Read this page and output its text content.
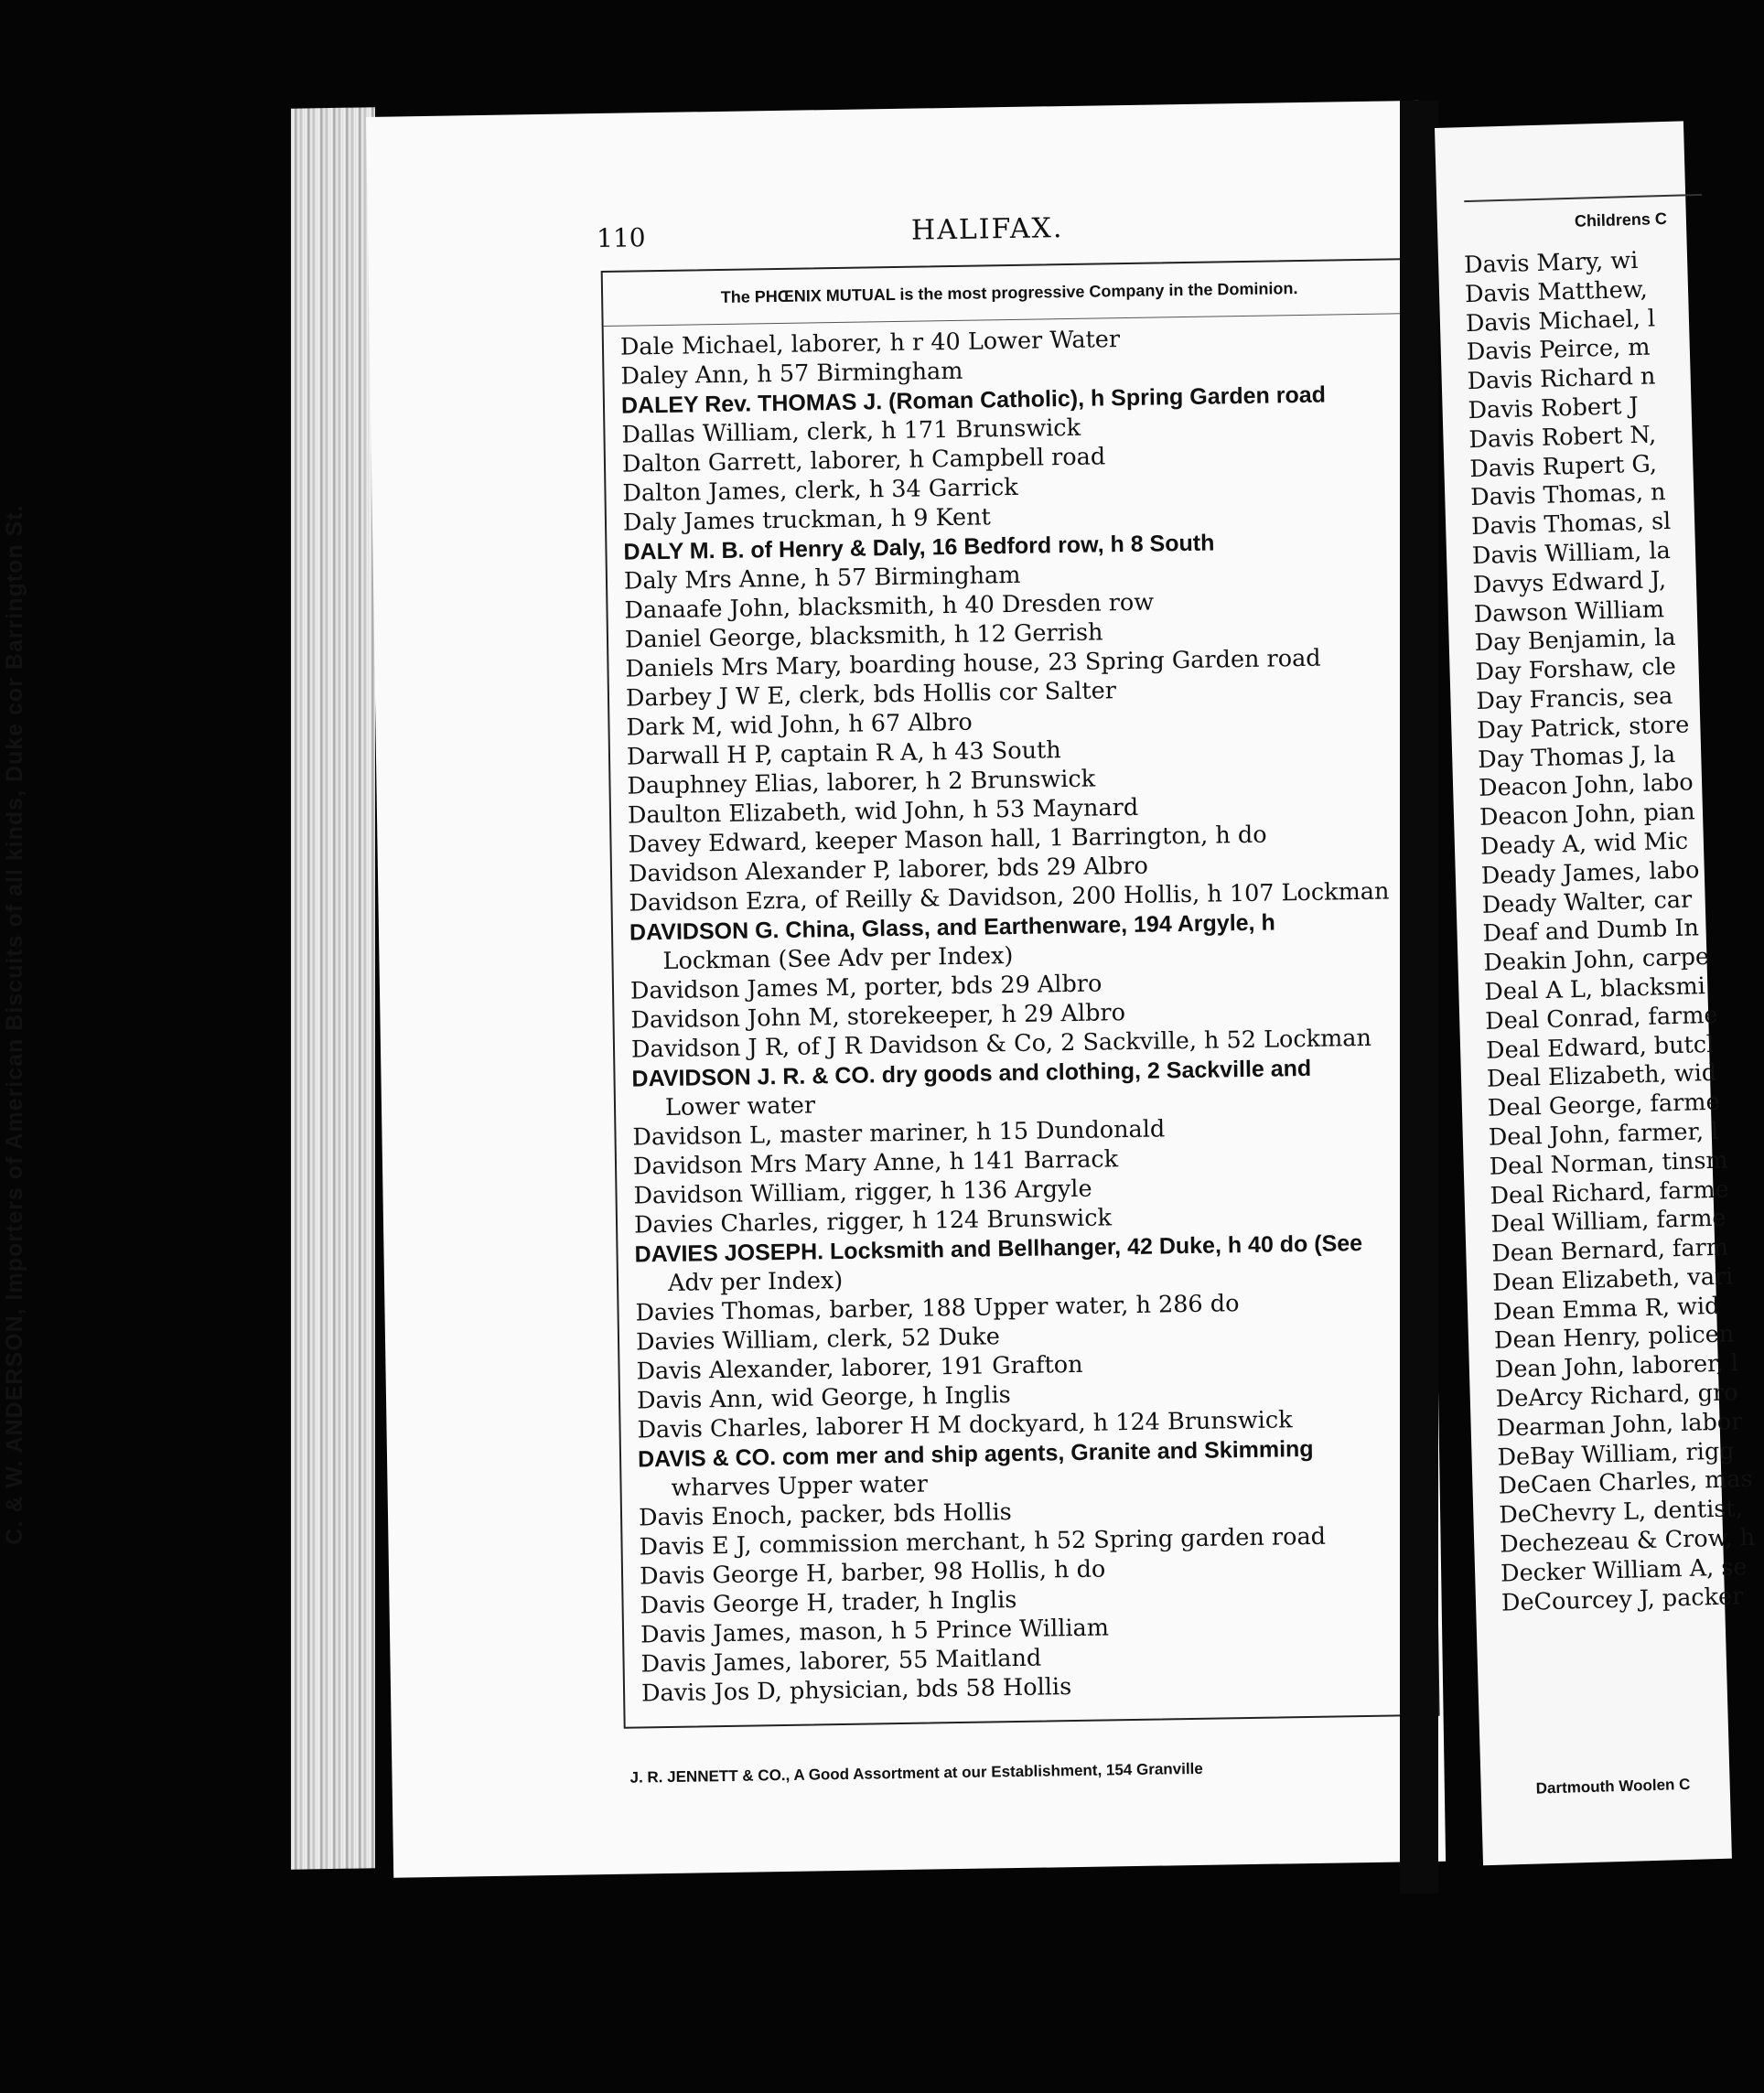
110	HALIFAX.
The PHŒNIX MUTUAL is the most progressive Company in the Dominion.
Dale Michael, laborer, h r 40 Lower Water
Daley Ann, h 57 Birmingham
DALEY Rev. THOMAS J. (Roman Catholic), h Spring Garden road
Dallas William, clerk, h 171 Brunswick
Dalton Garrett, laborer, h Campbell road
Dalton James, clerk, h 34 Garrick
Daly James truckman, h 9 Kent
DALY M. B. of Henry & Daly, 16 Bedford row, h 8 South
Daly Mrs Anne, h 57 Birmingham
Danaafe John, blacksmith, h 40 Dresden row
Daniel George, blacksmith, h 12 Gerrish
Daniels Mrs Mary, boarding house, 23 Spring Garden road
Darbey J W E, clerk, bds Hollis cor Salter
Dark M, wid John, h 67 Albro
Darwall H P, captain R A, h 43 South
Dauphney Elias, laborer, h 2 Brunswick
Daulton Elizabeth, wid John, h 53 Maynard
Davey Edward, keeper Mason hall, 1 Barrington, h do
Davidson Alexander P, laborer, bds 29 Albro
Davidson Ezra, of Reilly & Davidson, 200 Hollis, h 107 Lockman
DAVIDSON G. China, Glass, and Earthenware, 194 Argyle, h
Lockman (See Adv per Index)
Davidson James M, porter, bds 29 Albro
Davidson John M, storekeeper, h 29 Albro
Davidson J R, of J R Davidson & Co, 2 Sackville, h 52 Lockman
DAVIDSON J. R. & CO. dry goods and clothing, 2 Sackville and
Lower water
Davidson L, master mariner, h 15 Dundonald
Davidson Mrs Mary Anne, h 141 Barrack
Davidson William, rigger, h 136 Argyle
Davies Charles, rigger, h 124 Brunswick
DAVIES JOSEPH. Locksmith and Bellhanger, 42 Duke, h 40 do (See
Adv per Index)
Davies Thomas, barber, 188 Upper water, h 286 do
Davies William, clerk, 52 Duke
Davis Alexander, laborer, 191 Grafton
Davis Ann, wid George, h Inglis
Davis Charles, laborer H M dockyard, h 124 Brunswick
DAVIS & CO. com mer and ship agents, Granite and Skimming
wharves Upper water
Davis Enoch, packer, bds Hollis
Davis E J, commission merchant, h 52 Spring garden road
Davis George H, barber, 98 Hollis, h do
Davis George H, trader, h Inglis
Davis James, mason, h 5 Prince William
Davis James, laborer, 55 Maitland
Davis Jos D, physician, bds 58 Hollis
J. R. JENNETT & CO., A Good Assortment at our Establishment, 154 Granville
C. & W. ANDERSON, Importers of American Biscuits of all kinds, Duke cor Barrington St.
Childrens C
Davis Mary, wi
Davis Matthew,
Davis Michael, l
Davis Peirce, m
Davis Richard n
Davis Robert J
Davis Robert N,
Davis Rupert G,
Davis Thomas, n
Davis Thomas, sl
Davis William, la
Davys Edward J,
Dawson William
Day Benjamin, la
Day Forshaw, cle
Day Francis, sea
Day Patrick, store
Day Thomas J, la
Deacon John, labo
Deacon John, pian
Deady A, wid Mic
Deady James, labo
Deady Walter, car
Deaf and Dumb In
Deakin John, carpe
Deal A L, blacksmi
Deal Conrad, farme
Deal Edward, butcl
Deal Elizabeth, wid
Deal George, farme
Deal John, farmer, l
Deal Norman, tinsm
Deal Richard, farme
Deal William, farme
Dean Bernard, farm
Dean Elizabeth, vari
Dean Emma R, wid
Dean Henry, policen
Dean John, laborer, l
DeArcy Richard, gro
Dearman John, labor
DeBay William, rigg
DeCaen Charles, mas
DeChevry L, dentist,
Dechezeau & Crow, h
Decker William A, se
DeCourcey J, packer
Dartmouth Woolen C
